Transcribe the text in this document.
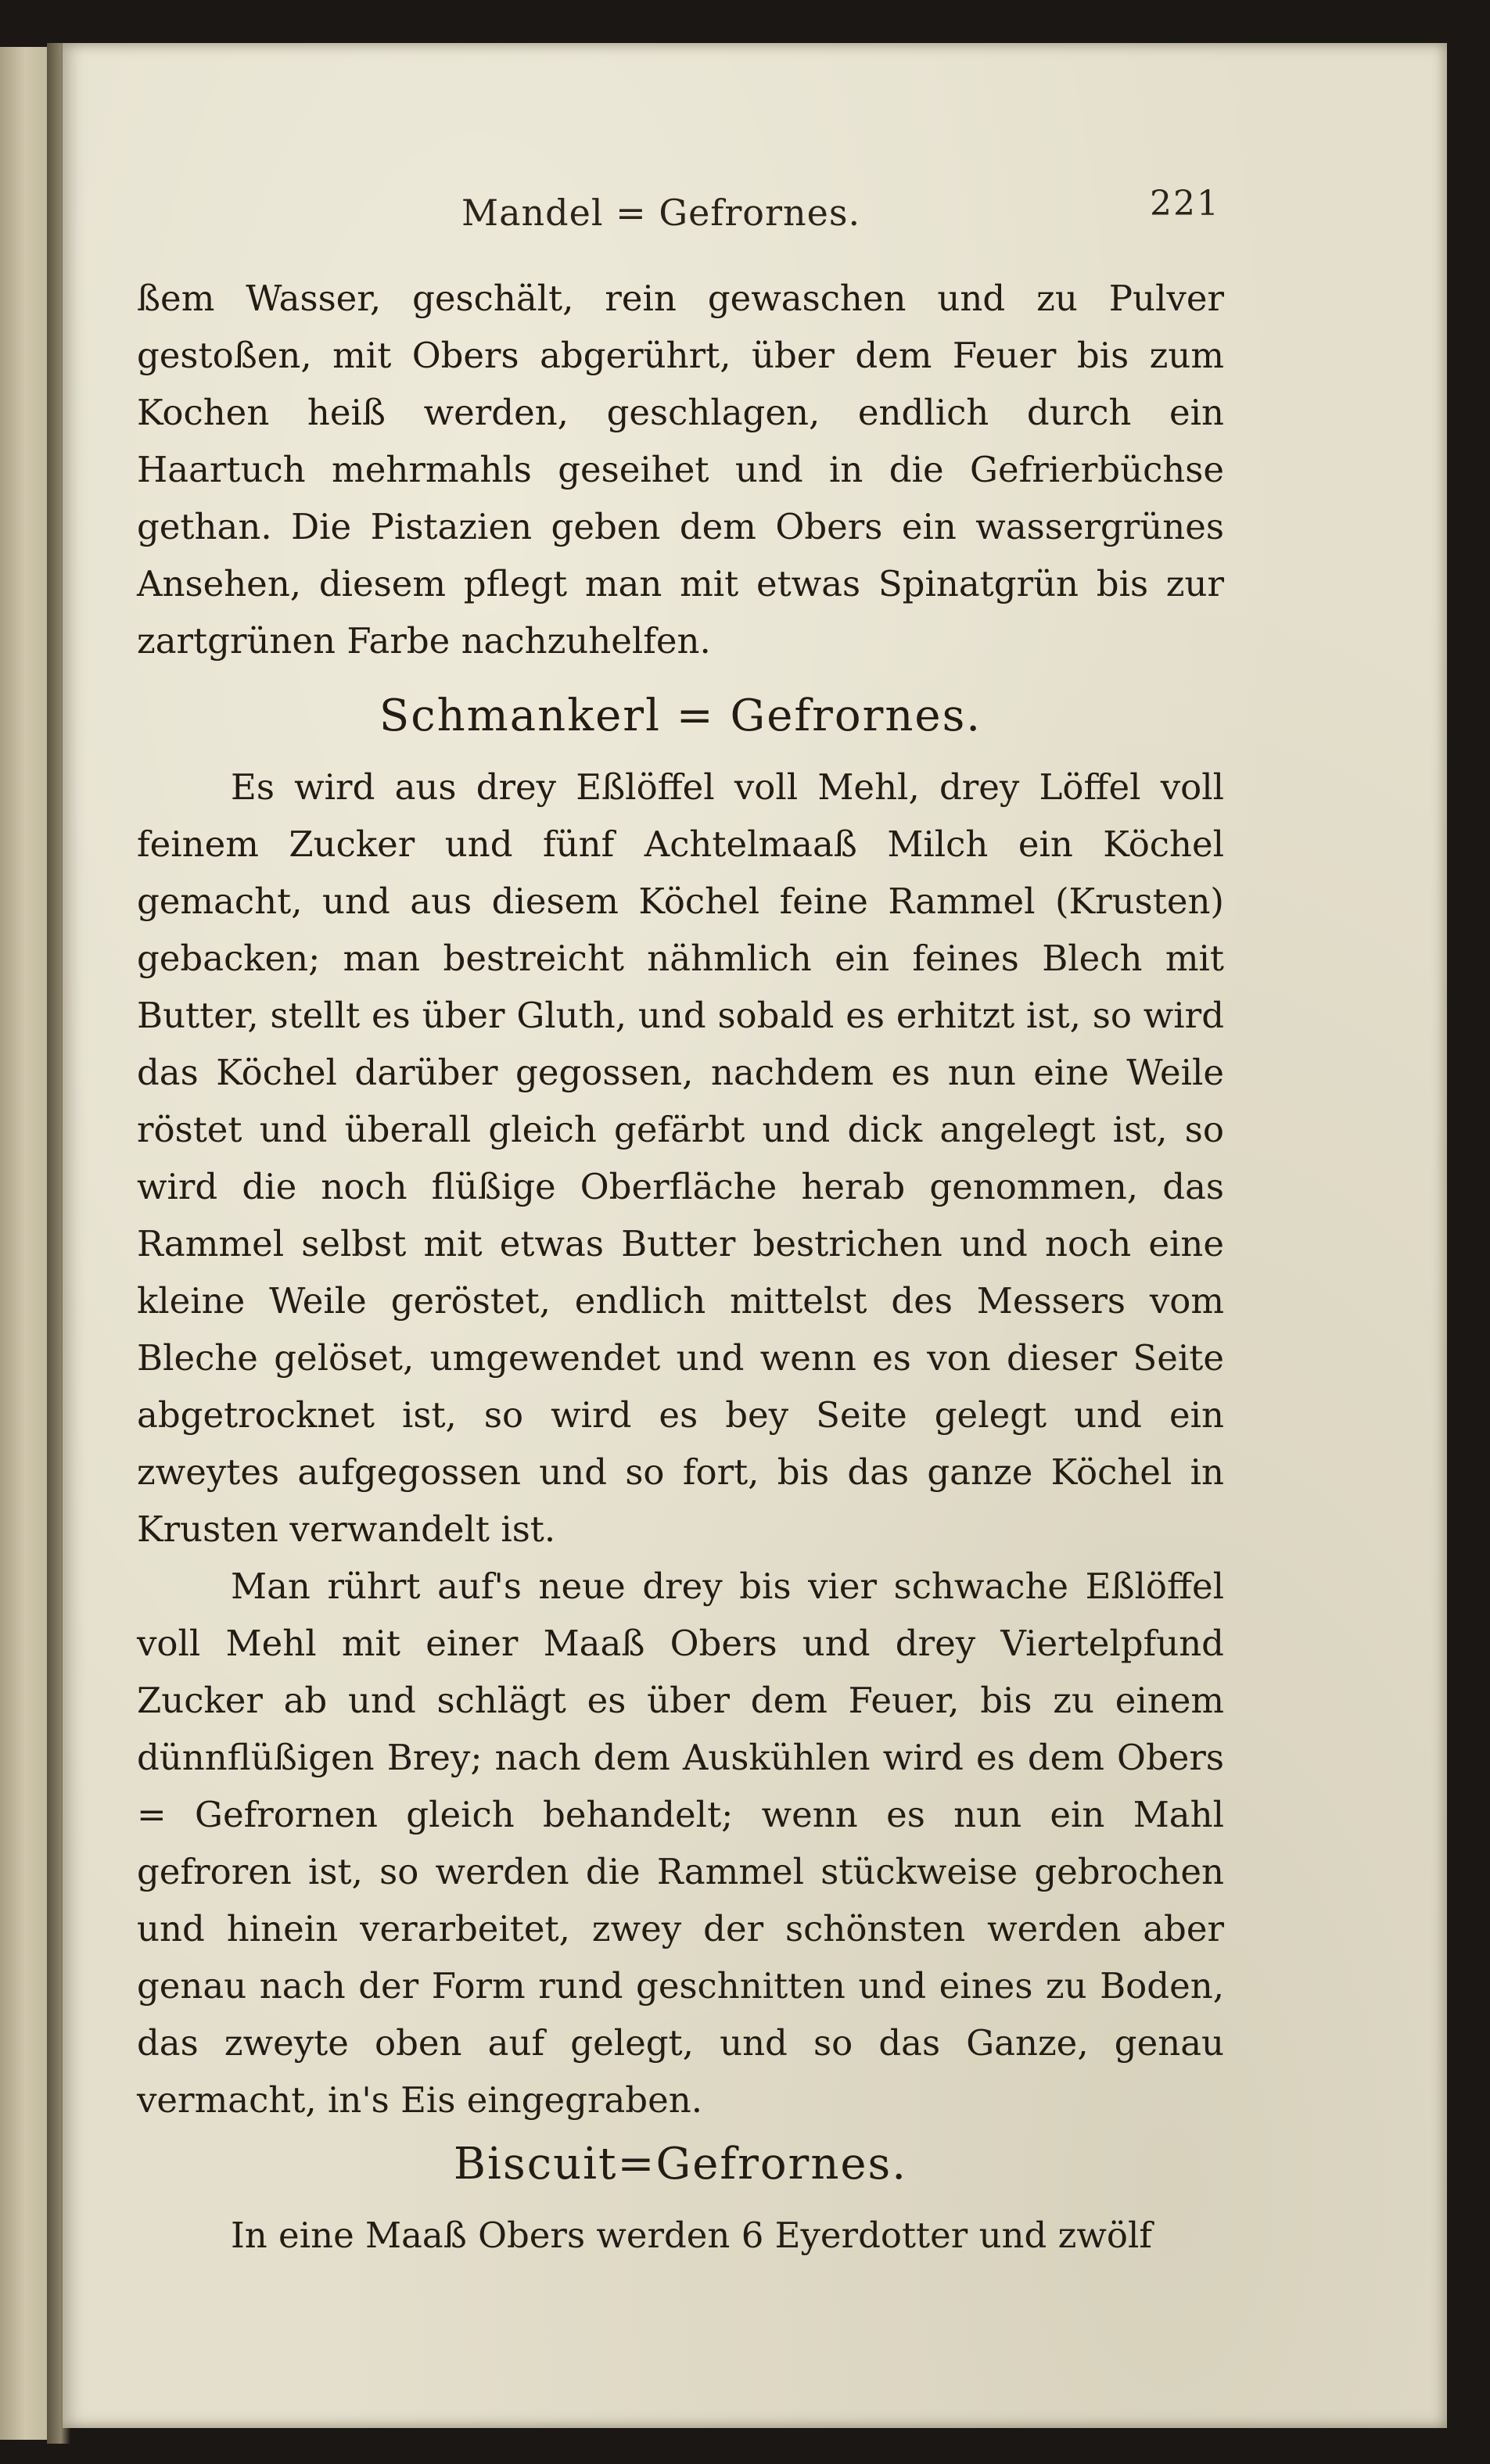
Mandel = Gefrornes.	221

ßem Wasser, geschält, rein gewaschen und zu Pulver gestoßen, mit Obers abgerührt, über dem Feuer bis zum Kochen heiß werden, geschlagen, endlich durch ein Haartuch mehrmahls geseihet und in die Gefrierbüchse gethan. Die Pistazien geben dem Obers ein wassergrünes Ansehen, diesem pflegt man mit etwas Spinatgrün bis zur zartgrünen Farbe nachzuhelfen.

Schmankerl = Gefrornes.

Es wird aus drey Eßlöffel voll Mehl, drey Löffel voll feinem Zucker und fünf Achtelmaaß Milch ein Köchel gemacht, und aus diesem Köchel feine Rammel (Krusten) gebacken; man bestreicht nähmlich ein feines Blech mit Butter, stellt es über Gluth, und sobald es erhitzt ist, so wird das Köchel darüber gegossen, nachdem es nun eine Weile röstet und überall gleich gefärbt und dick angelegt ist, so wird die noch flüßige Oberfläche herab genommen, das Rammel selbst mit etwas Butter bestrichen und noch eine kleine Weile geröstet, endlich mittelst des Messers vom Bleche gelöset, umgewendet und wenn es von dieser Seite abgetrocknet ist, so wird es bey Seite gelegt und ein zweytes aufgegossen und so fort, bis das ganze Köchel in Krusten verwandelt ist.

Man rührt auf's neue drey bis vier schwache Eßlöffel voll Mehl mit einer Maaß Obers und drey Viertelpfund Zucker ab und schlägt es über dem Feuer, bis zu einem dünnflüßigen Brey; nach dem Auskühlen wird es dem Obers = Gefrornen gleich behandelt; wenn es nun ein Mahl gefroren ist, so werden die Rammel stückweise gebrochen und hinein verarbeitet, zwey der schönsten werden aber genau nach der Form rund geschnitten und eines zu Boden, das zweyte oben auf gelegt, und so das Ganze, genau vermacht, in's Eis eingegraben.

Biscuit=Gefrornes.

In eine Maaß Obers werden 6 Eyerdotter und zwölf
